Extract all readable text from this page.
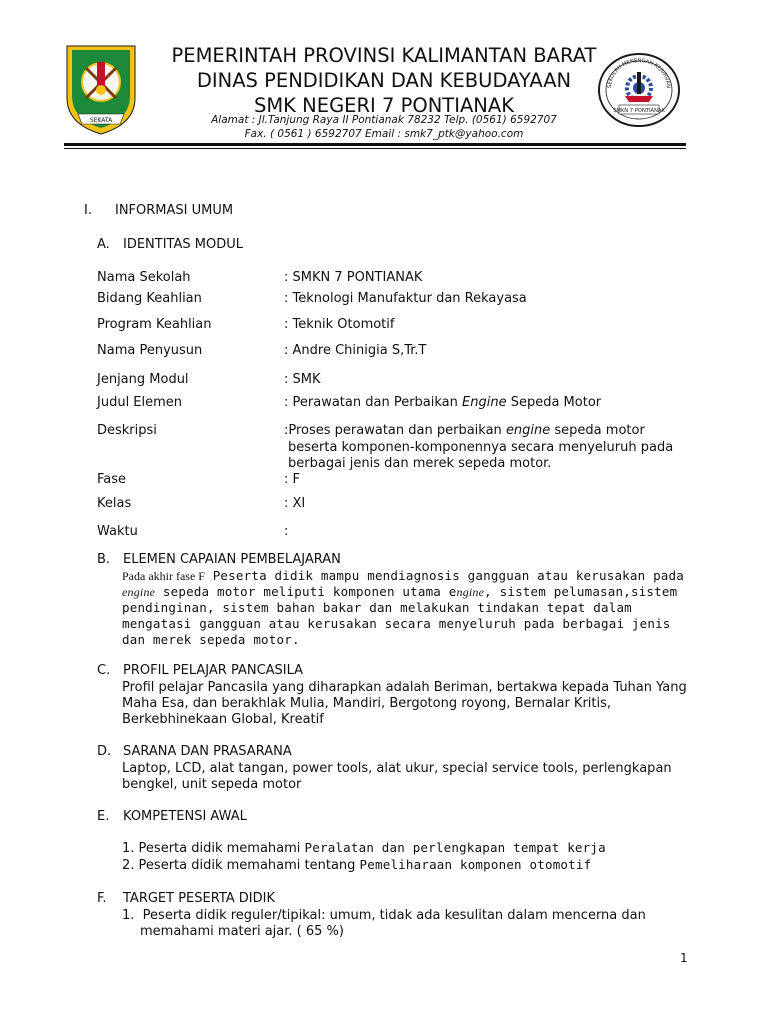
SEKATA
PEMERINTAH PROVINSI KALIMANTAN BARAT
DINAS PENDIDIKAN DAN KEBUDAYAAN
SMK NEGERI 7 PONTIANAK
Alamat : Jl.Tanjung Raya II Pontianak 78232 Telp. (0561) 6592707
Fax. ( 0561 ) 6592707 Email : smk7_ptk@yahoo.com
SEKOLAH MENENGAH KEJURUAN
SMKN 7 PONTIANAK
I. INFORMASI UMUM
A. IDENTITAS MODUL
Nama Sekolah	: SMKN 7 PONTIANAK
Bidang Keahlian	: Teknologi Manufaktur dan Rekayasa
Program Keahlian	: Teknik Otomotif
Nama Penyusun	: Andre Chinigia S,Tr.T
Jenjang Modul	: SMK
Judul Elemen	: Perawatan dan Perbaikan Engine Sepeda Motor
Deskripsi	:Proses perawatan dan perbaikan engine sepeda motor
beserta komponen-komponennya secara menyeluruh pada
berbagai jenis dan merek sepeda motor.
Fase	: F
Kelas	: XI
Waktu	:
B. ELEMEN CAPAIAN PEMBELAJARAN
Pada akhir fase F Peserta didik mampu mendiagnosis gangguan atau kerusakan pada
engine sepeda motor meliputi komponen utama engine, sistem pelumasan,sistem
pendinginan, sistem bahan bakar dan melakukan tindakan tepat dalam
mengatasi gangguan atau kerusakan secara menyeluruh pada berbagai jenis
dan merek sepeda motor.
C. PROFIL PELAJAR PANCASILA
Profil pelajar Pancasila yang diharapkan adalah Beriman, bertakwa kepada Tuhan Yang
Maha Esa, dan berakhlak Mulia, Mandiri, Bergotong royong, Bernalar Kritis,
Berkebhinekaan Global, Kreatif
D. SARANA DAN PRASARANA
Laptop, LCD, alat tangan, power tools, alat ukur, special service tools, perlengkapan
bengkel, unit sepeda motor
E. KOMPETENSI AWAL
1. Peserta didik memahami Peralatan dan perlengkapan tempat kerja
2. Peserta didik memahami tentang Pemeliharaan komponen otomotif
F. TARGET PESERTA DIDIK
1. Peserta didik reguler/tipikal: umum, tidak ada kesulitan dalam mencerna dan
memahami materi ajar. ( 65 %)
1
